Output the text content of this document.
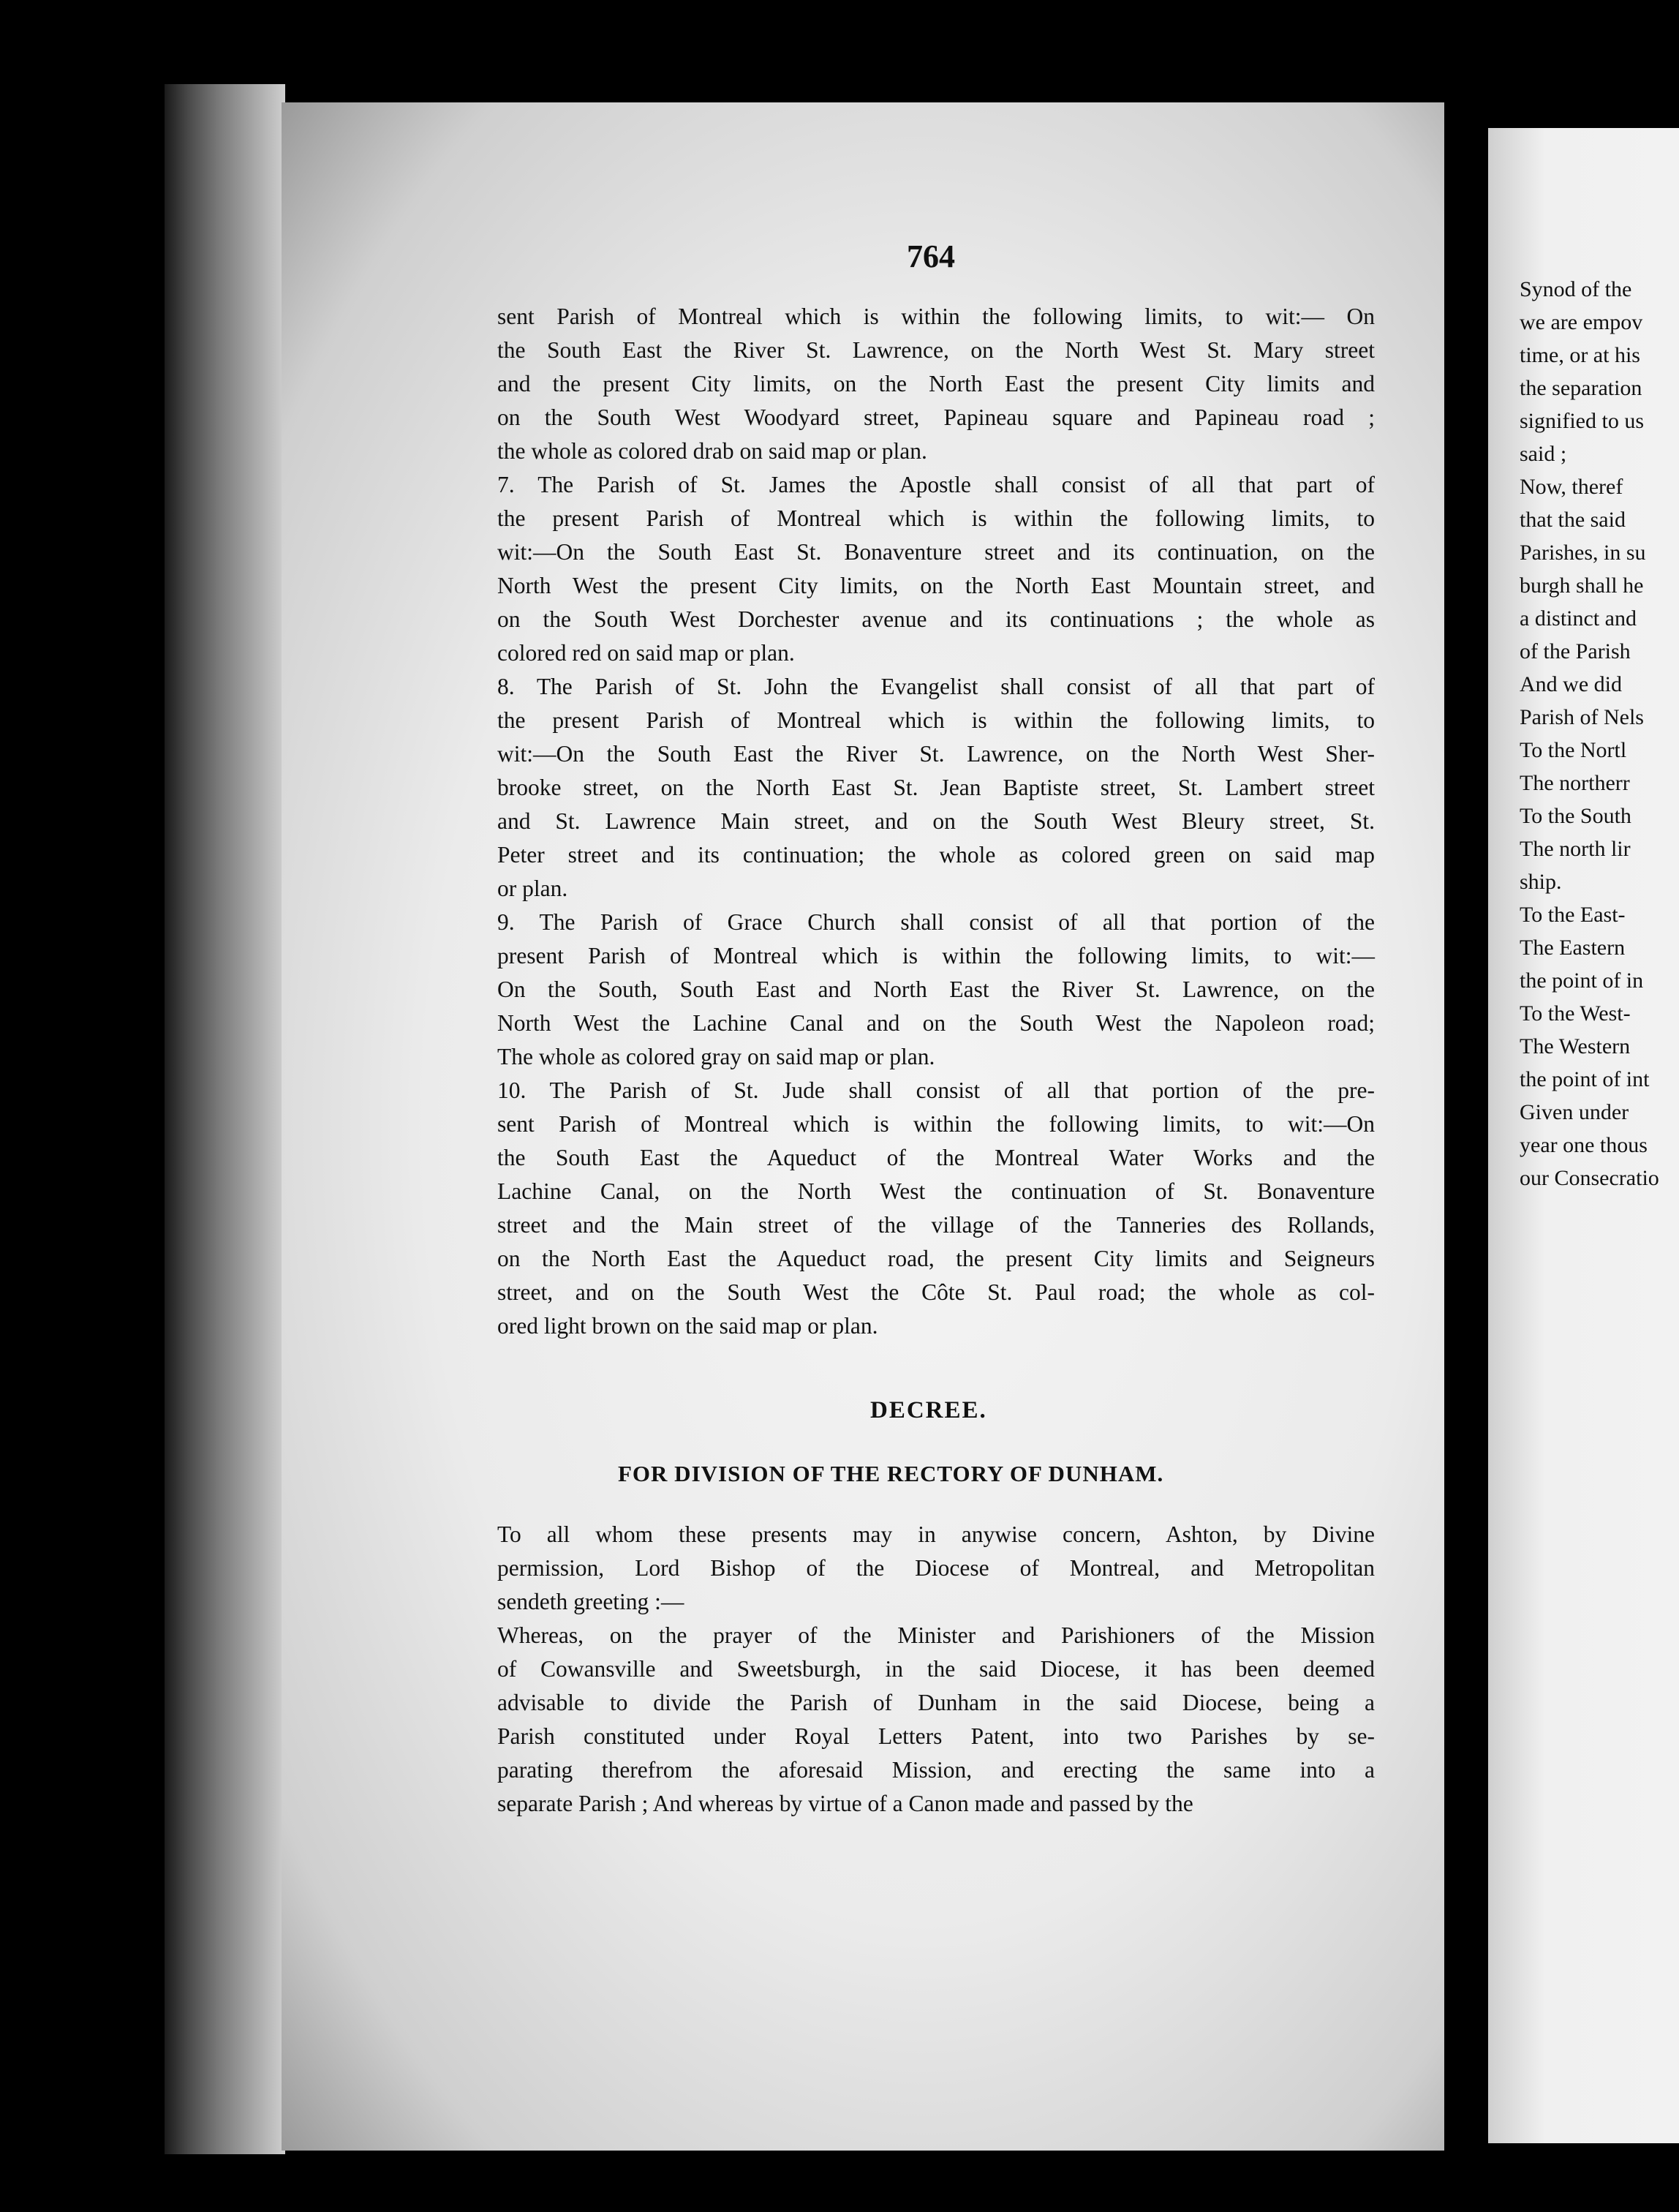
764
sent Parish of Montreal which is within the following limits, to wit:— On
the South East the River St. Lawrence, on the North West St. Mary street
and the present City limits, on the North East the present City limits and
on the South West Woodyard street, Papineau square and Papineau road ;
the whole as colored drab on said map or plan.
7. The Parish of St. James the Apostle shall consist of all that part of
the present Parish of Montreal which is within the following limits, to
wit:—On the South East St. Bonaventure street and its continuation, on the
North West the present City limits, on the North East Mountain street, and
on the South West Dorchester avenue and its continuations ; the whole as
colored red on said map or plan.
8. The Parish of St. John the Evangelist shall consist of all that part of
the present Parish of Montreal which is within the following limits, to
wit:—On the South East the River St. Lawrence, on the North West Sher-
brooke street, on the North East St. Jean Baptiste street, St. Lambert street
and St. Lawrence Main street, and on the South West Bleury street, St.
Peter street and its continuation; the whole as colored green on said map
or plan.
9. The Parish of Grace Church shall consist of all that portion of the
present Parish of Montreal which is within the following limits, to wit:—
On the South, South East and North East the River St. Lawrence, on the
North West the Lachine Canal and on the South West the Napoleon road;
The whole as colored gray on said map or plan.
10. The Parish of St. Jude shall consist of all that portion of the pre-
sent Parish of Montreal which is within the following limits, to wit:—On
the South East the Aqueduct of the Montreal Water Works and the
Lachine Canal, on the North West the continuation of St. Bonaventure
street and the Main street of the village of the Tanneries des Rollands,
on the North East the Aqueduct road, the present City limits and Seigneurs
street, and on the South West the Côte St. Paul road; the whole as col-
ored light brown on the said map or plan.
DECREE.
FOR DIVISION OF THE RECTORY OF DUNHAM.
To all whom these presents may in anywise concern, Ashton, by Divine
permission, Lord Bishop of the Diocese of Montreal, and Metropolitan
sendeth greeting :—
Whereas, on the prayer of the Minister and Parishioners of the Mission
of Cowansville and Sweetsburgh, in the said Diocese, it has been deemed
advisable to divide the Parish of Dunham in the said Diocese, being a
Parish constituted under Royal Letters Patent, into two Parishes by se-
parating therefrom the aforesaid Mission, and erecting the same into a
separate Parish ; And whereas by virtue of a Canon made and passed by the
Synod of the
we are empov
time, or at his
the separation
signified to us
said ;
Now, theref
that the said
Parishes, in su
burgh shall he
a distinct and
of the Parish
And we did
Parish of Nels
To the Nortl
The northerr
To the South
The north lir
ship.
To the East-
The Eastern
the point of in
To the West-
The Western
the point of int
Given under
year one thous
our Consecratio
